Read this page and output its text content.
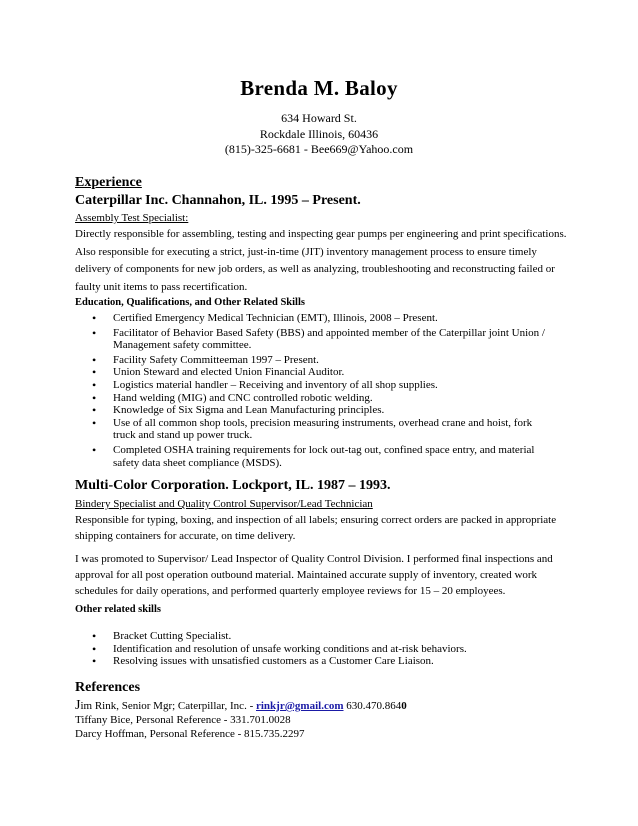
Brenda M. Baloy
634 Howard St.
Rockdale Illinois, 60436
(815)-325-6681 - Bee669@Yahoo.com
Experience
Caterpillar Inc. Channahon, IL. 1995 – Present.
Assembly Test Specialist:
Directly responsible for assembling, testing and inspecting gear pumps per engineering and print specifications. Also responsible for executing a strict, just-in-time (JIT) inventory management process to ensure timely delivery of components for new job orders, as well as analyzing, troubleshooting and reconstructing failed or faulty unit items to pass recertification.
Education, Qualifications, and Other Related Skills
• Certified Emergency Medical Technician (EMT), Illinois, 2008 – Present.
• Facilitator of Behavior Based Safety (BBS) and appointed member of the Caterpillar joint Union / Management safety committee.
• Facility Safety Committeeman 1997 – Present.
• Union Steward and elected Union Financial Auditor.
• Logistics material handler – Receiving and inventory of all shop supplies.
• Hand welding (MIG) and CNC controlled robotic welding.
• Knowledge of Six Sigma and Lean Manufacturing principles.
• Use of all common shop tools, precision measuring instruments, overhead crane and hoist, fork truck and stand up power truck.
• Completed OSHA training requirements for lock out-tag out, confined space entry, and material safety data sheet compliance (MSDS).
Multi-Color Corporation. Lockport, IL. 1987 – 1993.
Bindery Specialist and Quality Control Supervisor/Lead Technician
Responsible for typing, boxing, and inspection of all labels; ensuring correct orders are packed in appropriate shipping containers for accurate, on time delivery.
I was promoted to Supervisor/ Lead Inspector of Quality Control Division. I performed final inspections and approval for all post operation outbound material. Maintained accurate supply of inventory, created work schedules for daily operations, and performed quarterly employee reviews for 15 – 20 employees.
Other related skills
• Bracket Cutting Specialist.
• Identification and resolution of unsafe working conditions and at-risk behaviors.
• Resolving issues with unsatisfied customers as a Customer Care Liaison.
References
Jim Rink, Senior Mgr; Caterpillar, Inc. - rinkjr@gmail.com 630.470.8640
Tiffany Bice, Personal Reference - 331.701.0028
Darcy Hoffman, Personal Reference - 815.735.2297
